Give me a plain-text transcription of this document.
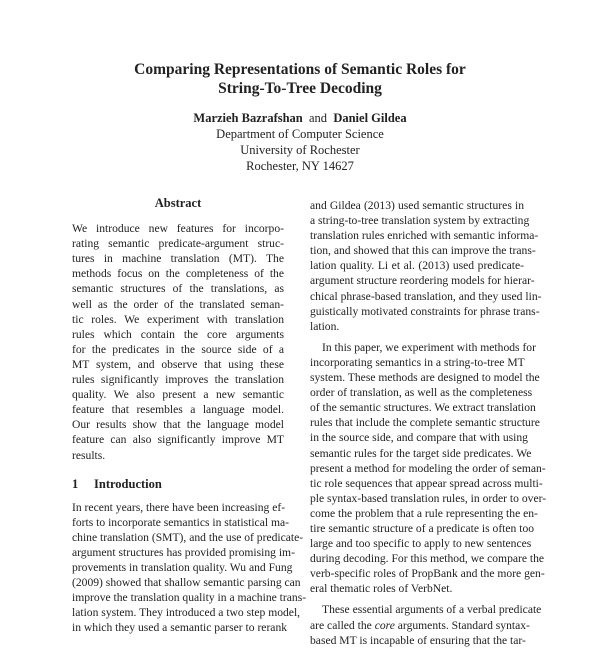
Comparing Representations of Semantic Roles for
String-To-Tree Decoding
Marzieh Bazrafshan and Daniel Gildea
Department of Computer Science
University of Rochester
Rochester, NY 14627
Abstract
We introduce new features for incorpo-
rating semantic predicate-argument struc-
tures in machine translation (MT). The
methods focus on the completeness of the
semantic structures of the translations, as
well as the order of the translated seman-
tic roles. We experiment with translation
rules which contain the core arguments
for the predicates in the source side of a
MT system, and observe that using these
rules significantly improves the translation
quality. We also present a new semantic
feature that resembles a language model.
Our results show that the language model
feature can also significantly improve MT
results.
1 Introduction
In recent years, there have been increasing ef-
forts to incorporate semantics in statistical ma-
chine translation (SMT), and the use of predicate-
argument structures has provided promising im-
provements in translation quality. Wu and Fung
(2009) showed that shallow semantic parsing can
improve the translation quality in a machine trans-
lation system. They introduced a two step model,
in which they used a semantic parser to rerank
and Gildea (2013) used semantic structures in
a string-to-tree translation system by extracting
translation rules enriched with semantic informa-
tion, and showed that this can improve the trans-
lation quality. Li et al. (2013) used predicate-
argument structure reordering models for hierar-
chical phrase-based translation, and they used lin-
guistically motivated constraints for phrase trans-
lation.
In this paper, we experiment with methods for
incorporating semantics in a string-to-tree MT
system. These methods are designed to model the
order of translation, as well as the completeness
of the semantic structures. We extract translation
rules that include the complete semantic structure
in the source side, and compare that with using
semantic rules for the target side predicates. We
present a method for modeling the order of seman-
tic role sequences that appear spread across multi-
ple syntax-based translation rules, in order to over-
come the problem that a rule representing the en-
tire semantic structure of a predicate is often too
large and too specific to apply to new sentences
during decoding. For this method, we compare the
verb-specific roles of PropBank and the more gen-
eral thematic roles of VerbNet.
These essential arguments of a verbal predicate
are called the core arguments. Standard syntax-
based MT is incapable of ensuring that the tar-
